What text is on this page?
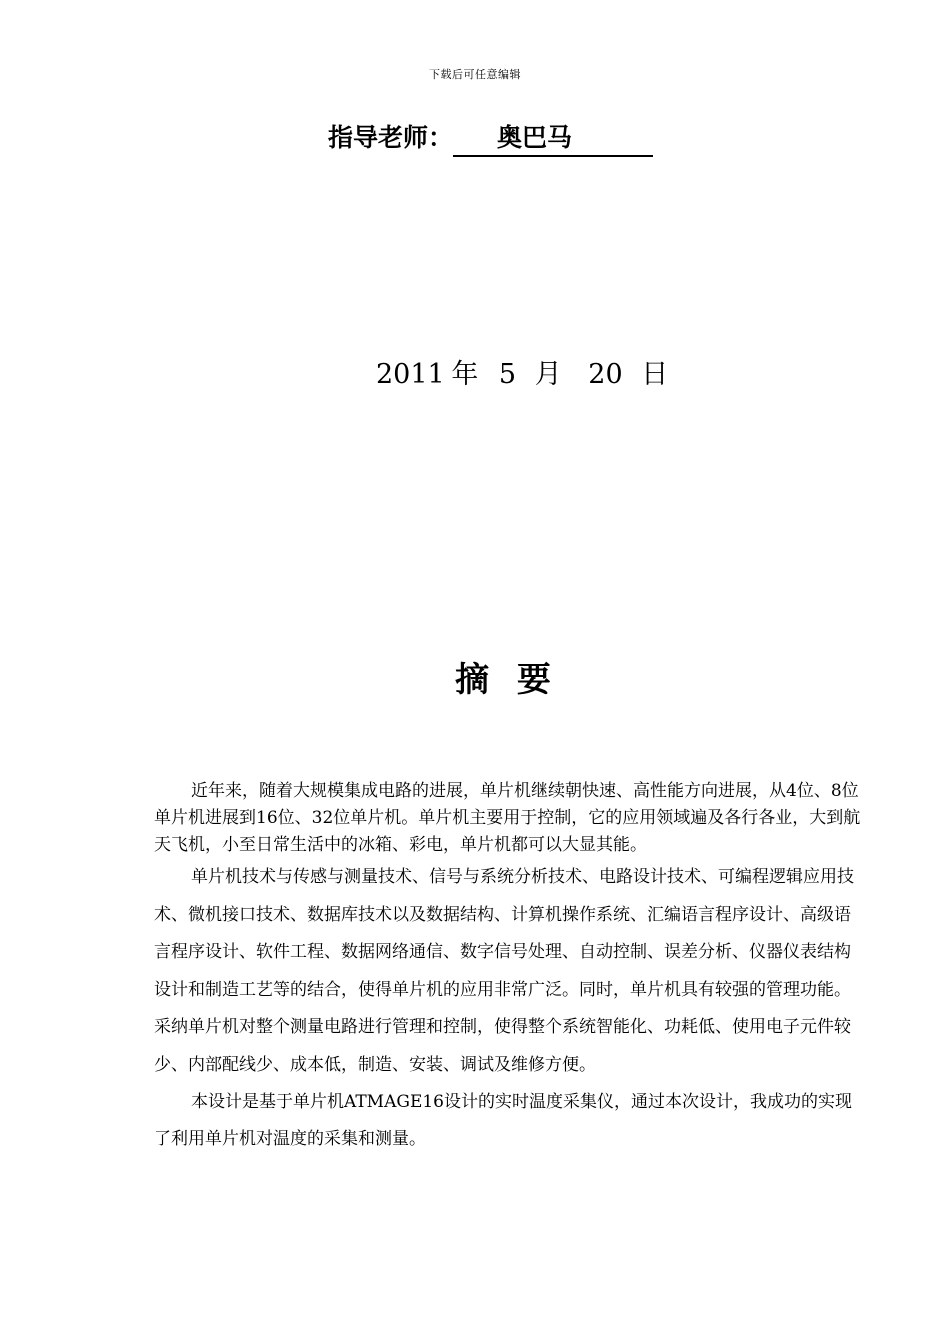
下载后可任意编辑
指导老师： 奥巴马
2011 年 5 月 20 日
摘 要

近年来，随着大规模集成电路的进展，单片机继续朝快速、高性能方向进展，从4位、8位单片机进展到16位、32位单片机。单片机主要用于控制，它的应用领域遍及各行各业，大到航天飞机，小至日常生活中的冰箱、彩电，单片机都可以大显其能。

单片机技术与传感与测量技术、信号与系统分析技术、电路设计技术、可编程逻辑应用技术、微机接口技术、数据库技术以及数据结构、计算机操作系统、汇编语言程序设计、高级语言程序设计、软件工程、数据网络通信、数字信号处理、自动控制、误差分析、仪器仪表结构设计和制造工艺等的结合，使得单片机的应用非常广泛。同时，单片机具有较强的管理功能。采纳单片机对整个测量电路进行管理和控制，使得整个系统智能化、功耗低、使用电子元件较少、内部配线少、成本低，制造、安装、调试及维修方便。

本设计是基于单片机ATMAGE16设计的实时温度采集仪，通过本次设计，我成功的实现了利用单片机对温度的采集和测量。
